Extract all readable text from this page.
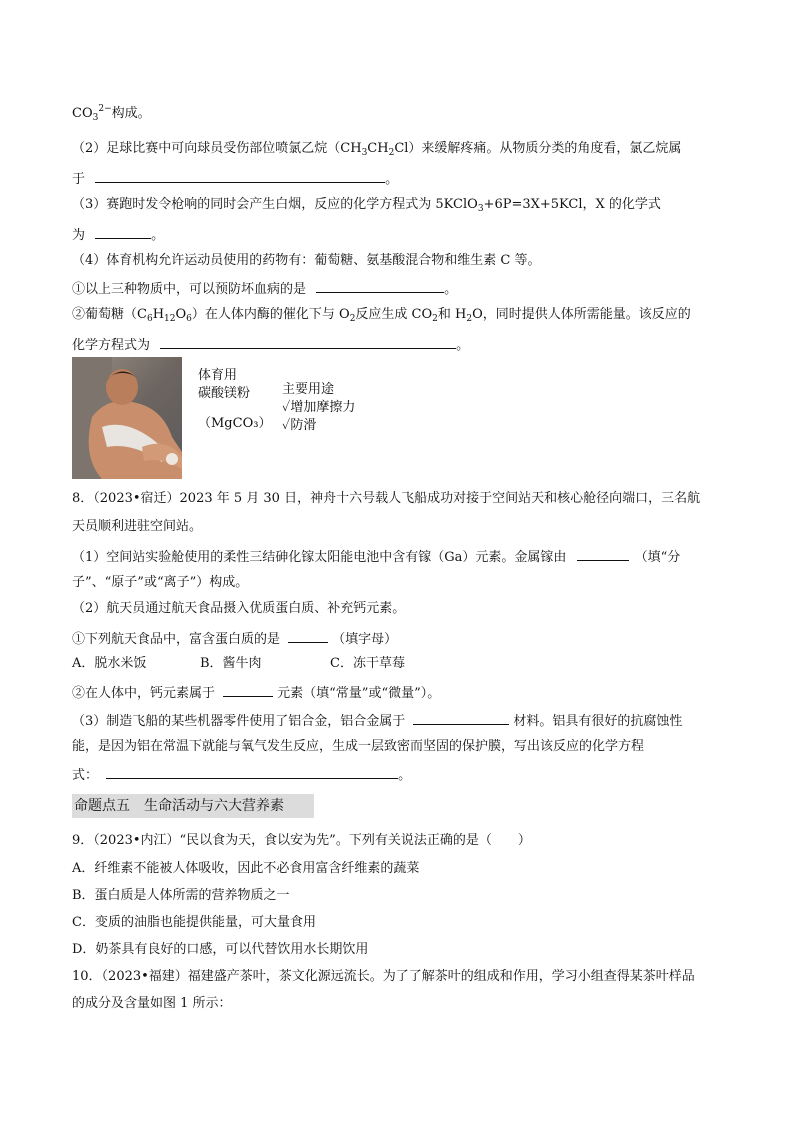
$CO_3^{2-}$构成。
（2）足球比赛中可向球员受伤部位喷氯乙烷$(CH_3CH_2Cl)$来缓解疼痛。从物质分类的角度看，氯乙烷属
于	。
（3）赛跑时发令枪响的同时会产生白烟，反应的化学方程式为 5KClO$_3$+6P=3X+5KCl，X 的化学式
为	。
（4）体育机构允许运动员使用的药物有：葡萄糖、氨基酸混合物和维生素 C 等。
①以上三种物质中，可以预防坏血病的是	。
②葡萄糖$(C_6H_{12}O_6)$在人体内酶的催化下与 $O_2$反应生成 $CO_2$和 $H_2O$，同时提供人体所需能量。该反应的
化学方程式为	。
体育用
碳酸镁粉
（MgCO₃）
主要用途
✓增加摩擦力
✓防滑
8．（2023•宿迁）2023 年 5 月 30 日，神舟十六号载人飞船成功对接于空间站天和核心舱径向端口，三名航
天员顺利进驻空间站。
（1）空间站实验舱使用的柔性三结砷化镓太阳能电池中含有镓（Ga）元素。金属镓由	（填“分
子”、“原子”或“离子”）构成。
（2）航天员通过航天食品摄入优质蛋白质、补充钙元素。
①下列航天食品中，富含蛋白质的是	（填字母）
A．脱水米饭	B．酱牛肉	C．冻干草莓
②在人体中，钙元素属于	元素（填“常量”或“微量”）。
（3）制造飞船的某些机器零件使用了铝合金，铝合金属于	材料。铝具有很好的抗腐蚀性
能，是因为铝在常温下就能与氧气发生反应，生成一层致密而坚固的保护膜，写出该反应的化学方程
式：	。
命题点五　生命活动与六大营养素
9．（2023•内江）“民以食为天，食以安为先”。下列有关说法正确的是（　　）
A．纤维素不能被人体吸收，因此不必食用富含纤维素的蔬菜
B．蛋白质是人体所需的营养物质之一
C．变质的油脂也能提供能量，可大量食用
D．奶茶具有良好的口感，可以代替饮用水长期饮用
10．（2023•福建）福建盛产茶叶，茶文化源远流长。为了了解茶叶的组成和作用，学习小组查得某茶叶样品
的成分及含量如图 1 所示：
